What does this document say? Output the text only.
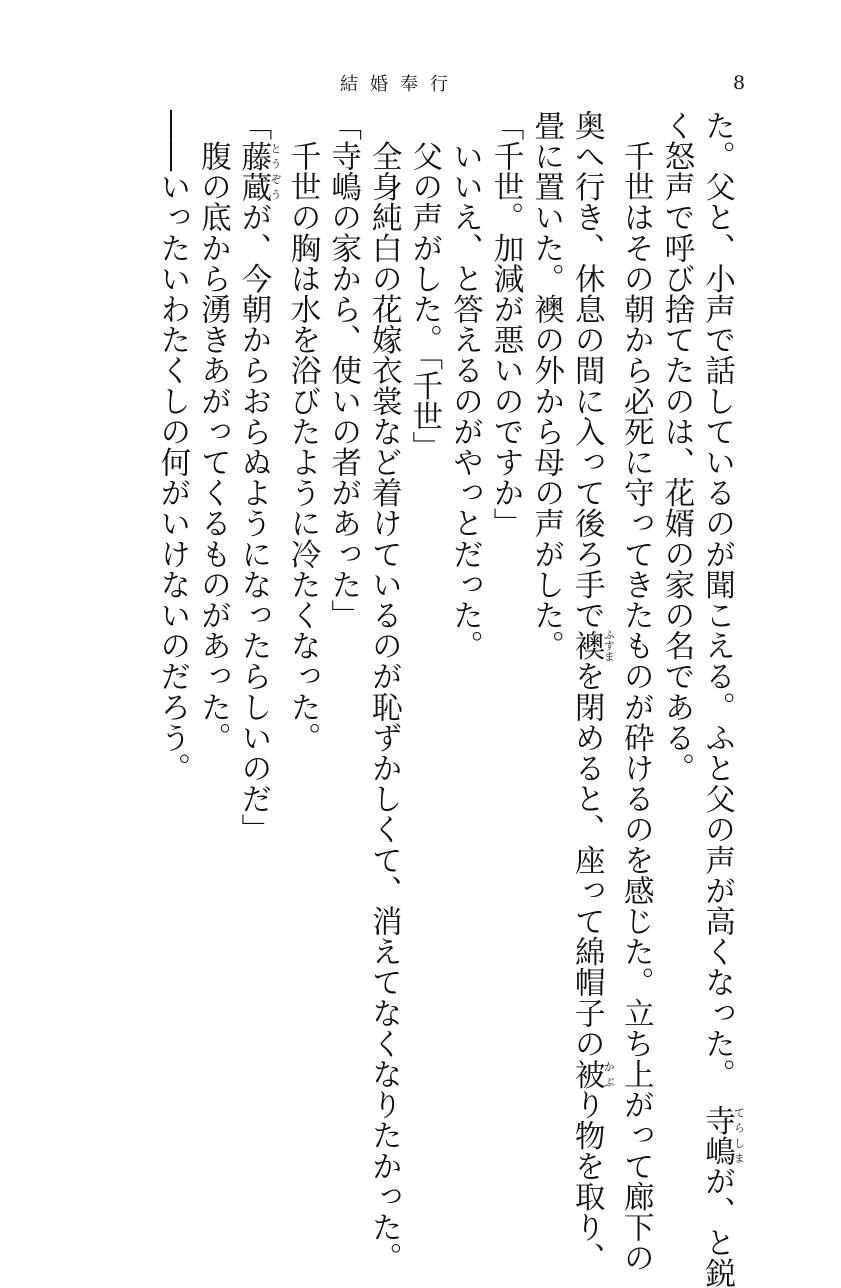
結婚奉行	8
た。父と、小声で話しているのが聞こえる。ふと父の声が高くなった。　寺嶋てらしまが、と鋭
く怒声で呼び捨てたのは、花婿の家の名である。
　千世はその朝から必死に守ってきたものが砕けるのを感じた。立ち上がって廊下の
奥へ行き、休息の間に入って後ろ手で襖ふすまを閉めると、座って綿帽子の被かぶり物を取り、
畳に置いた。襖の外から母の声がした。
「千世。加減が悪いのですか」
　いいえ、と答えるのがやっとだった。
　父の声がした。「千世」
　全身純白の花嫁衣裳など着けているのが恥ずかしくて、消えてなくなりたかった。
「寺嶋の家から、使いの者があった」
　千世の胸は水を浴びたように冷たくなった。
「藤蔵とうぞうが、今朝からおらぬようになったらしいのだ」
　腹の底から湧きあがってくるものがあった。
――いったいわたくしの何がいけないのだろう。
